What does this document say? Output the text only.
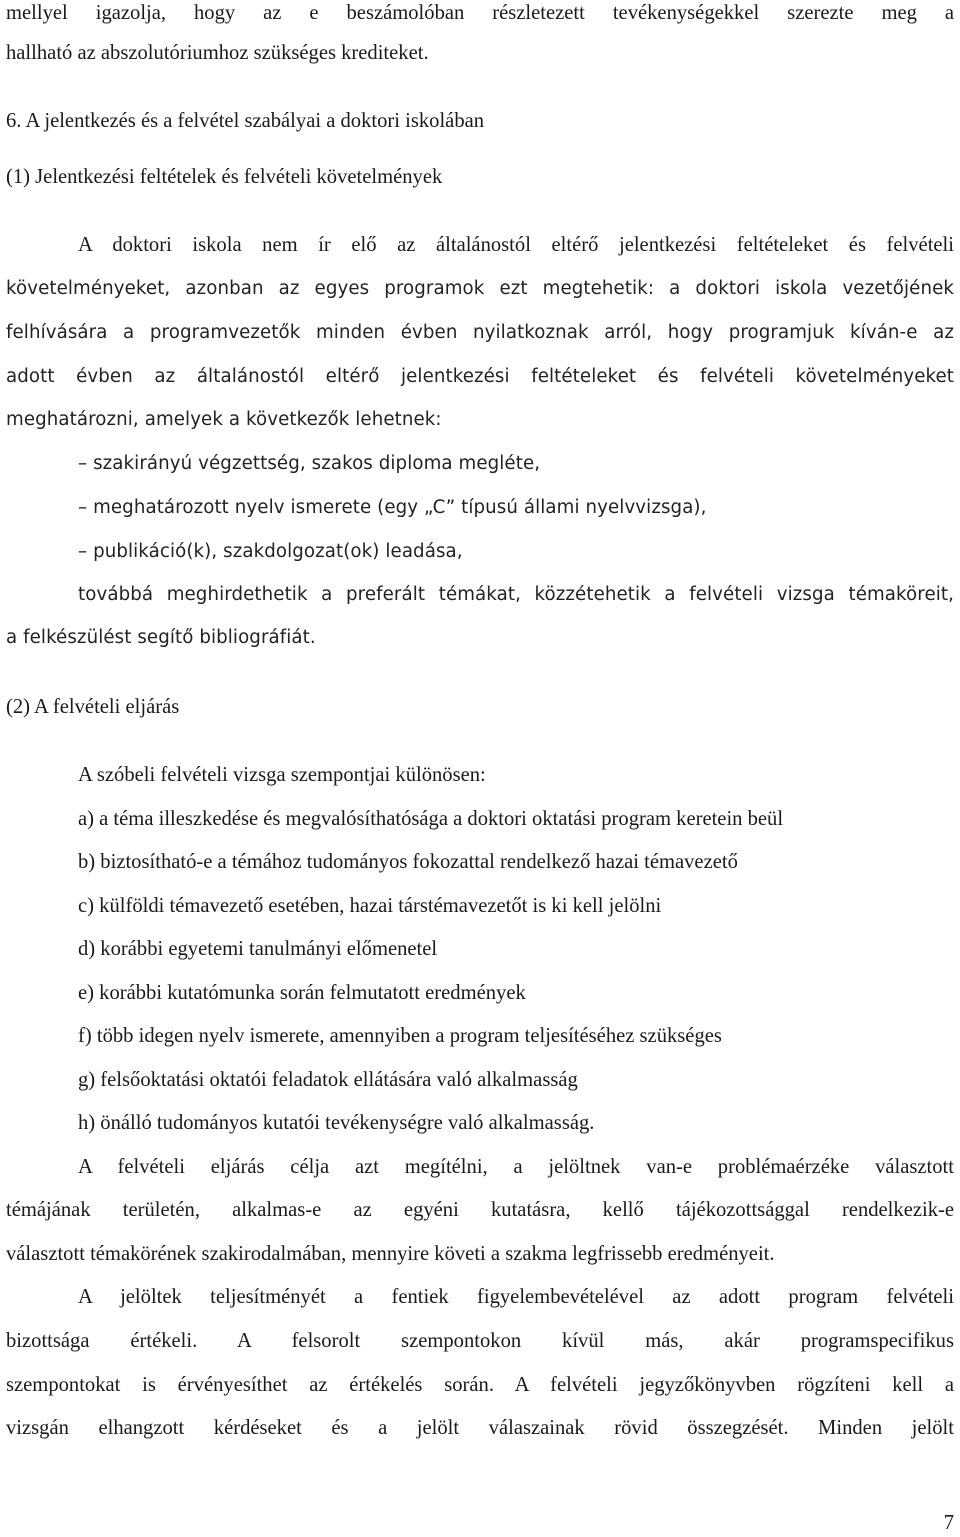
mellyel igazolja, hogy az e beszámolóban részletezett tevékenységekkel szerezte meg a
hallható az abszolutóriumhoz szükséges krediteket.
6. A jelentkezés és a felvétel szabályai a doktori iskolában
(1) Jelentkezési feltételek és felvételi követelmények
A doktori iskola nem ír elő az általánostól eltérő jelentkezési feltételeket és felvételi
követelményeket, azonban az egyes programok ezt megtehetik: a doktori iskola vezetőjének
felhívására a programvezetők minden évben nyilatkoznak arról, hogy programjuk kíván-e az
adott évben az általánostól eltérő jelentkezési feltételeket és felvételi követelményeket
meghatározni, amelyek a következők lehetnek:
– szakirányú végzettség, szakos diploma megléte,
– meghatározott nyelv ismerete (egy „C” típusú állami nyelvvizsga),
– publikáció(k), szakdolgozat(ok) leadása,
továbbá meghirdethetik a preferált témákat, közzétehetik a felvételi vizsga témaköreit,
a felkészülést segítő bibliográfiát.
(2) A felvételi eljárás
A szóbeli felvételi vizsga szempontjai különösen:
a) a téma illeszkedése és megvalósíthatósága a doktori oktatási program keretein beül
b) biztosítható-e a témához tudományos fokozattal rendelkező hazai témavezető
c) külföldi témavezető esetében, hazai társtémavezetőt is ki kell jelölni
d) korábbi egyetemi tanulmányi előmenetel
e) korábbi kutatómunka során felmutatott eredmények
f) több idegen nyelv ismerete, amennyiben a program teljesítéséhez szükséges
g) felsőoktatási oktatói feladatok ellátására való alkalmasság
h) önálló tudományos kutatói tevékenységre való alkalmasság.
A felvételi eljárás célja azt megítélni, a jelöltnek van-e problémaérzéke választott
témájának területén, alkalmas-e az egyéni kutatásra, kellő tájékozottsággal rendelkezik-e
választott témakörének szakirodalmában, mennyire követi a szakma legfrissebb eredményeit.
A jelöltek teljesítményét a fentiek figyelembevételével az adott program felvételi
bizottsága értékeli. A felsorolt szempontokon kívül más, akár programspecifikus
szempontokat is érvényesíthet az értékelés során. A felvételi jegyzőkönyvben rögzíteni kell a
vizsgán elhangzott kérdéseket és a jelölt válaszainak rövid összegzését. Minden jelölt
7
